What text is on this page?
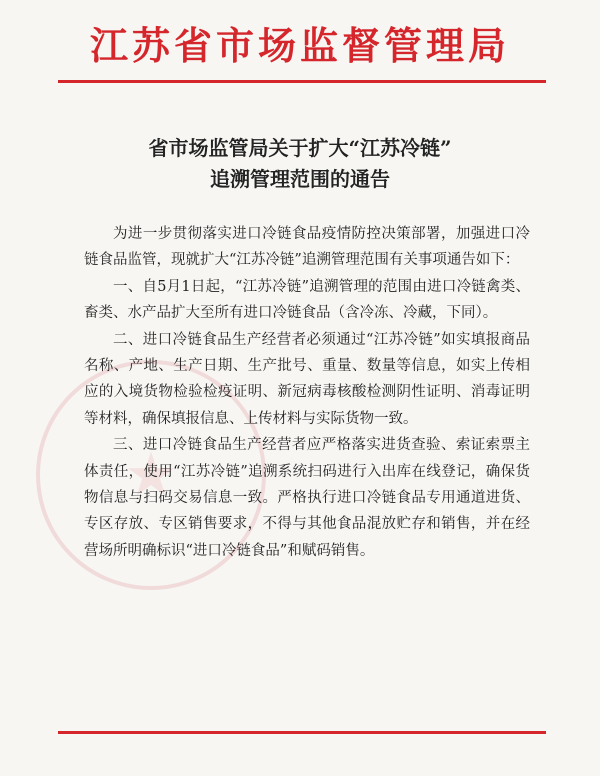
江苏省市场监督管理局
★
省市场监管局关于扩大“江苏冷链”
追溯管理范围的通告

为进一步贯彻落实进口冷链食品疫情防控决策部署，加强进口冷链食品监管，现就扩大“江苏冷链”追溯管理范围有关事项通告如下：

一、自5月1日起，“江苏冷链”追溯管理的范围由进口冷链禽类、畜类、水产品扩大至所有进口冷链食品（含冷冻、冷藏，下同）。

二、进口冷链食品生产经营者必须通过“江苏冷链”如实填报商品名称、产地、生产日期、生产批号、重量、数量等信息，如实上传相应的入境货物检验检疫证明、新冠病毒核酸检测阴性证明、消毒证明等材料，确保填报信息、上传材料与实际货物一致。

三、进口冷链食品生产经营者应严格落实进货查验、索证索票主体责任，使用“江苏冷链”追溯系统扫码进行入出库在线登记，确保货物信息与扫码交易信息一致。严格执行进口冷链食品专用通道进货、专区存放、专区销售要求，不得与其他食品混放贮存和销售，并在经营场所明确标识“进口冷链食品”和赋码销售。
